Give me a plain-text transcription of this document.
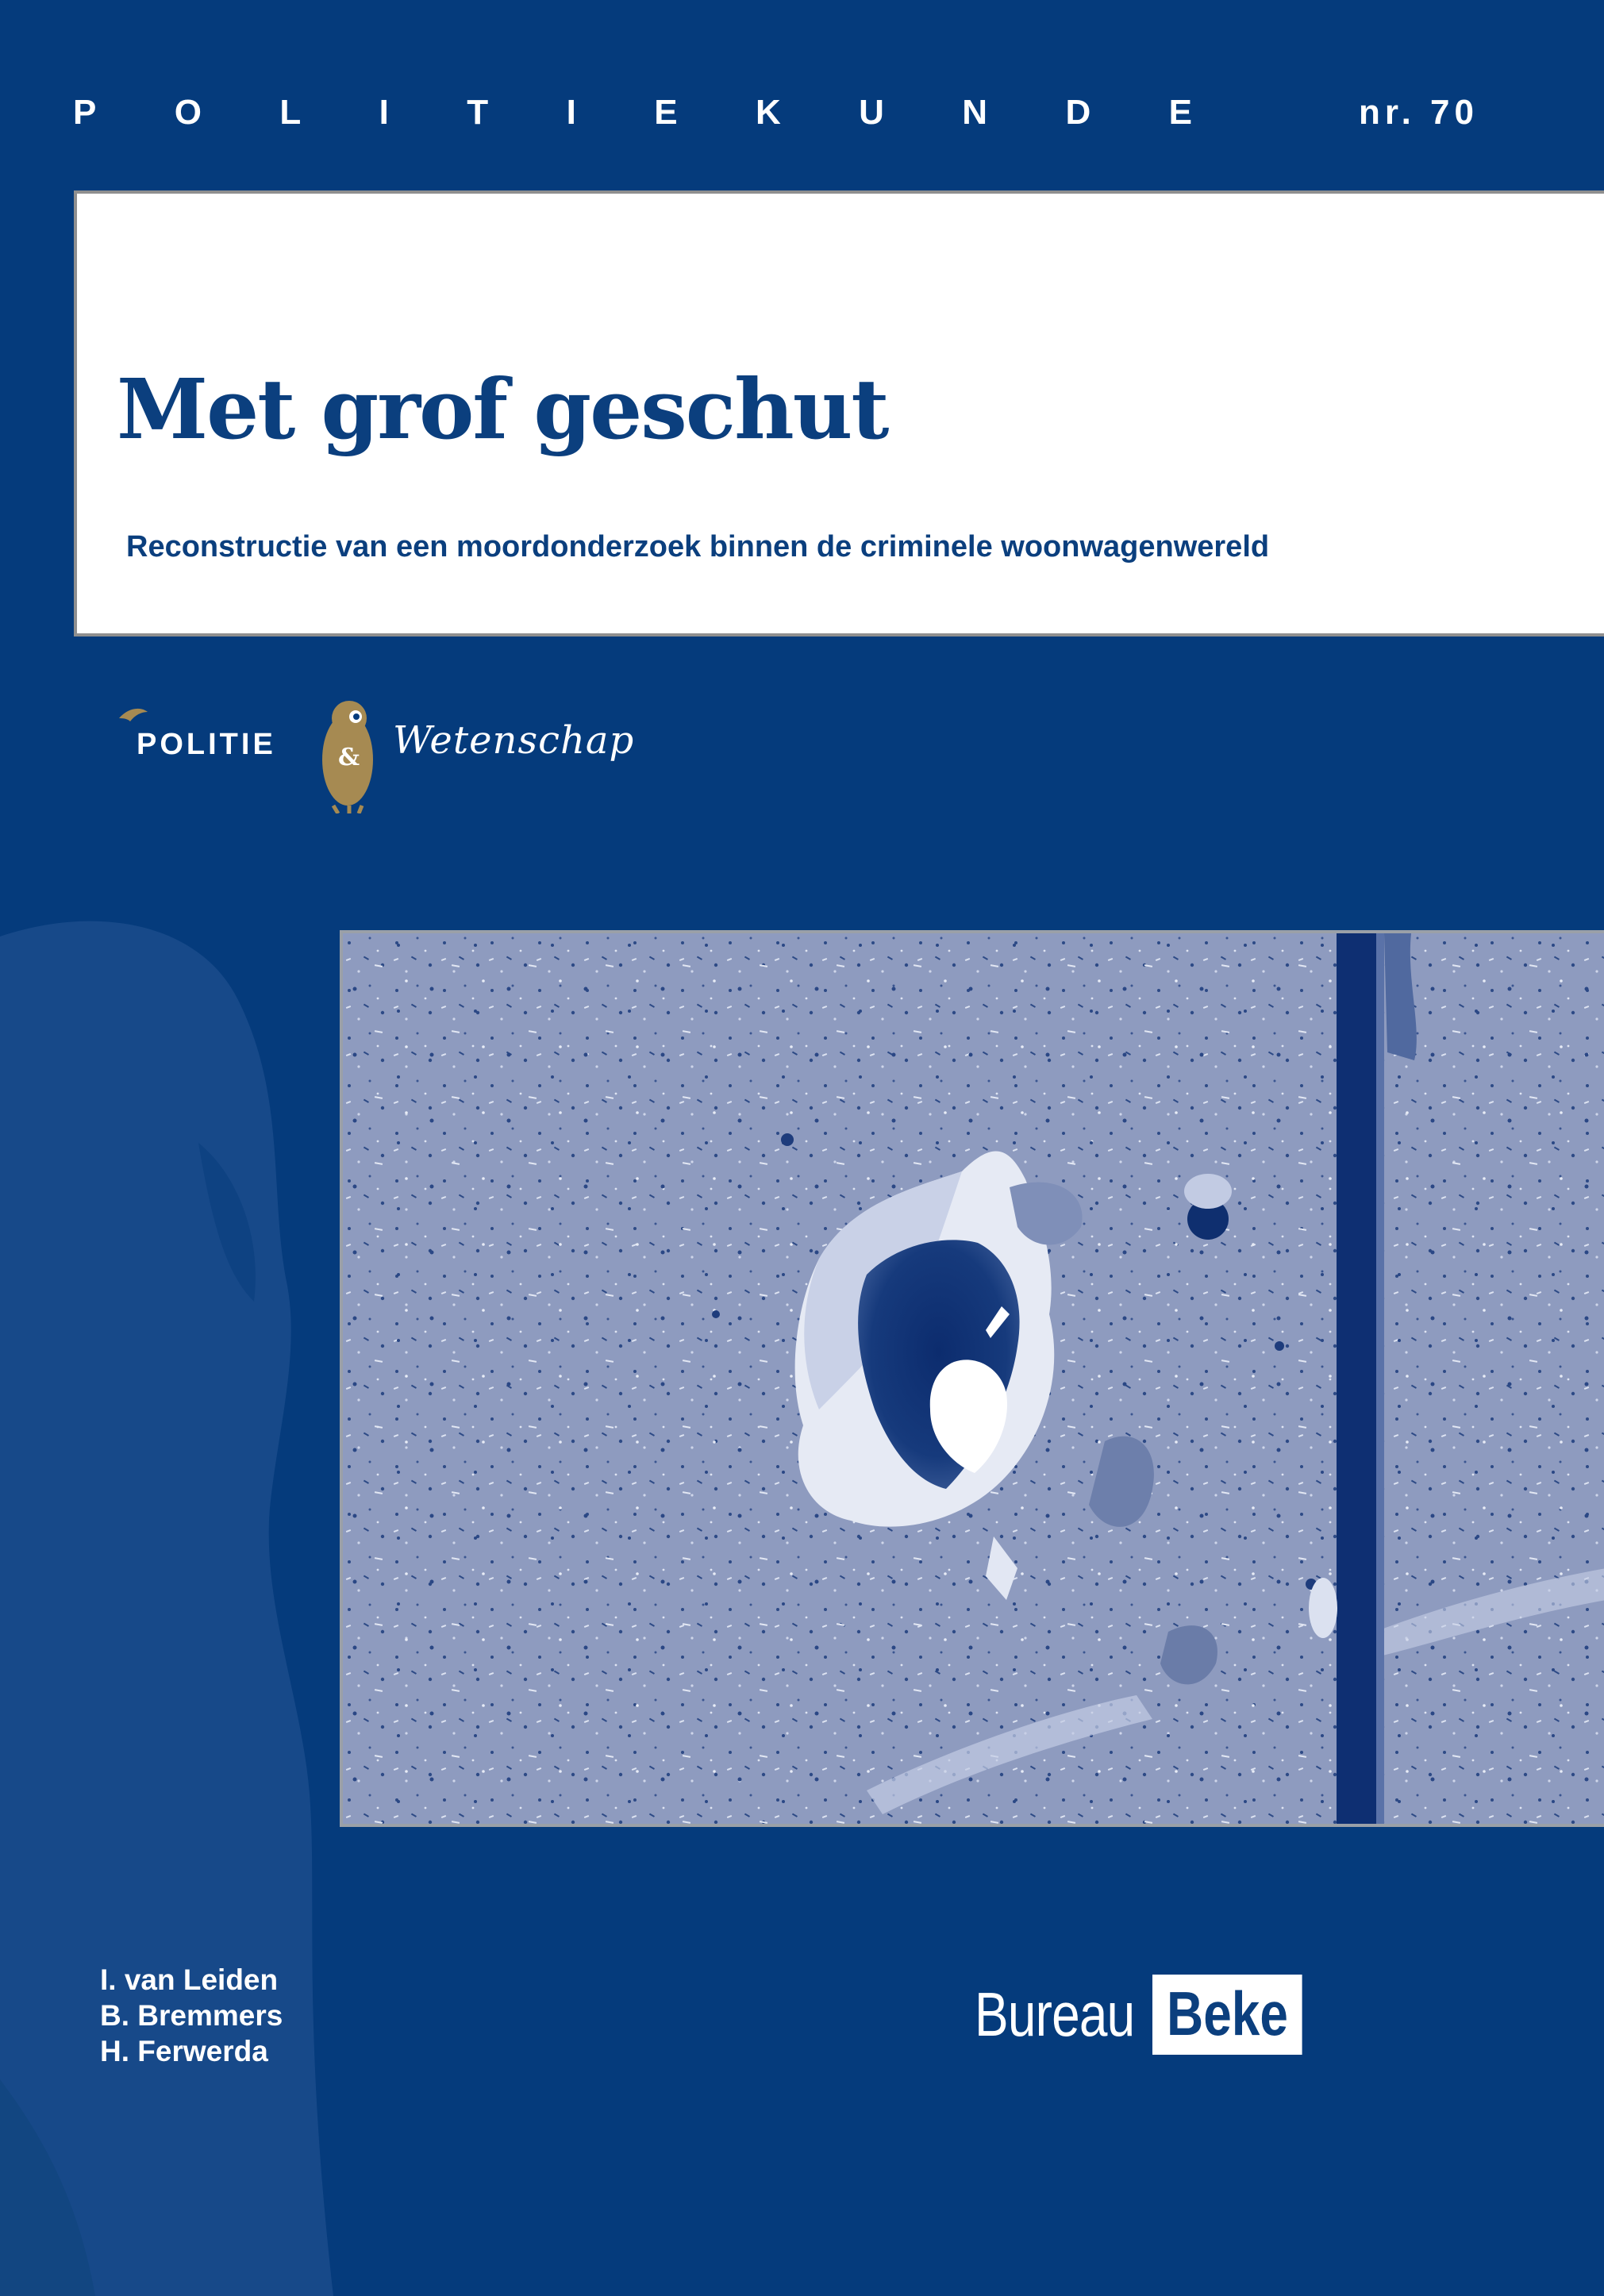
P O L I T I E K U N D E	nr. 70
Met grof geschut

Reconstructie van een moordonderzoek binnen de criminele woonwagenwereld

POLITIE	& Wetenschap
I. van Leiden
B. Bremmers
H. Ferwerda
Bureau Beke
